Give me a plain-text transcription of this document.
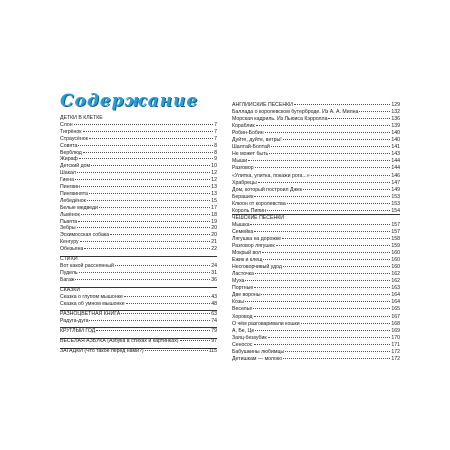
Содержание
ДЕТКИ В КЛЕТКЕ
Слон	7
Тигрёнок	7
Страусёнок	7
Совята	8
Верблюд	8
Жираф	9
Детский дом	10
Шакал	12
Гиена	12
Пингвин	13
Пингвинята	13
Лебедёнок	15
Белые медведи	17
Львёнок	18
Пьвята	19
Зебры	20
Эскимосская собака	20
Кенгуру	21
Обезьяна	22
СТИХИ
Вот какой рассеянный	24
Пудель	31
Багаж	36
СКАЗКИ
Сказка о глупом мышонке	43
Сказка об умном мышонке	48
РАЗНОЦВЕТНАЯ КНИГА	63
Радуга-дуга	74
КРУГЛЫЙ ГОД	79
ВЕСЁЛАЯ АЗБУКА (Азбука в стихах и картинках)	97
ЗАГАДКИ (Что такое перед нами?)	115
АНГЛИЙСКИЕ ПЕСЕНКИ	129
Баллада о королевском бутерброде. Из А. А. Милна	132
Морская кадриль. Из Льюиса Кэрролла	136
Кораблик	139
Робин-Бобин	140
Дуйте, дуйте, ветры!	140
Шалтай-Болтай	141
Не может быть	143
Мыши	144
Разговор	144
«Улитка, улитка, покажи рога...»	146
Храбрецы	147
Дом, который построил Джек	149
Берашек	153
Клюон от королевства	153
Король Пипин	154
ЧЕШСКИЕ ПЕСЕНКИ
Мышка	157
Семейка	157
Лягушка на дорожке	158
Разговор лягушек	159
Мокрый вол	160
Ежик и клещ	160
Несговорчивый удод	160
Ласточка	162
Муха	162
Портные	163
Две вороны	164
Козы	164
Веселье	165
Хоровод	167
О чём разговаривали кошки	168
А, Бе, Це	169
Заяц-беззубик	170
Сеносос	171
Бабушкины любимцы	172
Детишкам — молоко	172
